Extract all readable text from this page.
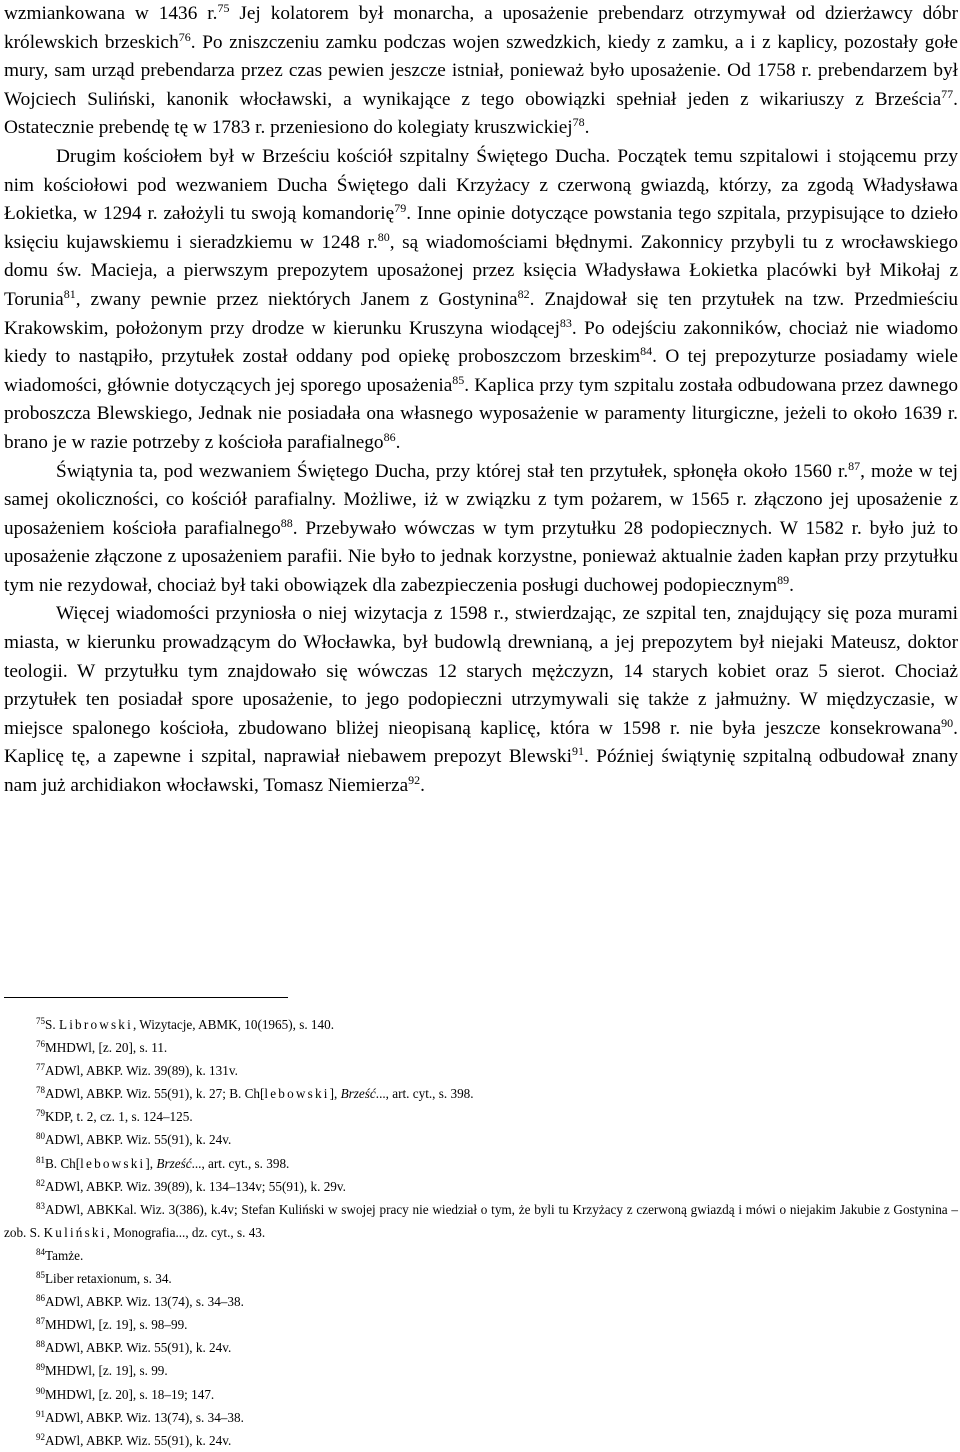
wzmiankowana w 1436 r.$^{75}$ Jej kolatorem był monarcha, a uposażenie prebendarz otrzymywał od dzierżawcy dóbr królewskich brzeskich$^{76}$. Po zniszczeniu zamku podczas wojen szwedzkich, kiedy z zamku, a i z kaplicy, pozostały gołe mury, sam urząd prebendarza przez czas pewien jeszcze istniał, ponieważ było uposażenie. Od 1758 r. prebendarzem był Wojciech Suliński, kanonik włocławski, a wynikające z tego obowiązki spełniał jeden z wikariuszy z Brześcia$^{77}$. Ostatecznie prebendę tę w 1783 r. przeniesiono do kolegiaty kruszwickiej$^{78}$.

Drugim kościołem był w Brześciu kościół szpitalny Świętego Ducha. Początek temu szpitalowi i stojącemu przy nim kościołowi pod wezwaniem Ducha Świętego dali Krzyżacy z czerwoną gwiazdą, którzy, za zgodą Władysława Łokietka, w 1294 r. założyli tu swoją komandorię$^{79}$. Inne opinie dotyczące powstania tego szpitala, przypisujące to dzieło księciu kujawskiemu i sieradzkiemu w 1248 r.$^{80}$, są wiadomościami błędnymi. Zakonnicy przybyli tu z wrocławskiego domu św. Macieja, a pierwszym prepozytem uposażonej przez księcia Władysława Łokietka placówki był Mikołaj z Torunia$^{81}$, zwany pewnie przez niektórych Janem z Gostynina$^{82}$. Znajdował się ten przytułek na tzw. Przedmieściu Krakowskim, położonym przy drodze w kierunku Kruszyna wiodącej$^{83}$. Po odejściu zakonników, chociaż nie wiadomo kiedy to nastąpiło, przytułek został oddany pod opiekę proboszczom brzeskim$^{84}$. O tej prepozyturze posiadamy wiele wiadomości, głównie dotyczących jej sporego uposażenia$^{85}$. Kaplica przy tym szpitalu została odbudowana przez dawnego proboszcza Blewskiego, Jednak nie posiadała ona własnego wyposażenie w paramenty liturgiczne, jeżeli to około 1639 r. brano je w razie potrzeby z kościoła parafialnego$^{86}$.

Świątynia ta, pod wezwaniem Świętego Ducha, przy której stał ten przytułek, spłonęła około 1560 r.$^{87}$, może w tej samej okoliczności, co kościół parafialny. Możliwe, iż w związku z tym pożarem, w 1565 r. złączono jej uposażenie z uposażeniem kościoła parafialnego$^{88}$. Przebywało wówczas w tym przytułku 28 podopiecznych. W 1582 r. było już to uposażenie złączone z uposażeniem parafii. Nie było to jednak korzystne, ponieważ aktualnie żaden kapłan przy przytułku tym nie rezydował, chociaż był taki obowiązek dla zabezpieczenia posługi duchowej podopiecznym$^{89}$.

Więcej wiadomości przyniosła o niej wizytacja z 1598 r., stwierdzając, ze szpital ten, znajdujący się poza murami miasta, w kierunku prowadzącym do Włocławka, był budowlą drewnianą, a jej prepozytem był niejaki Mateusz, doktor teologii. W przytułku tym znajdowało się wówczas 12 starych mężczyzn, 14 starych kobiet oraz 5 sierot. Chociaż przytułek ten posiadał spore uposażenie, to jego podopieczni utrzymywali się także z jałmużny. W międzyczasie, w miejsce spalonego kościoła, zbudowano bliżej nieopisaną kaplicę, która w 1598 r. nie była jeszcze konsekrowana$^{90}$. Kaplicę tę, a zapewne i szpital, naprawiał niebawem prepozyt Blewski$^{91}$. Później świątynię szpitalną odbudował znany nam już archidiakon włocławski, Tomasz Niemierza$^{92}$.

$^{75}$S. Librowski, Wizytacje, ABMK, 10(1965), s. 140.
$^{76}$MHDWl, [z. 20], s. 11.
$^{77}$ADWl, ABKP. Wiz. 39(89), k. 131v.
$^{78}$ADWl, ABKP. Wiz. 55(91), k. 27; B. Ch[lebowski], Brześć..., art. cyt., s. 398.
$^{79}$KDP, t. 2, cz. 1, s. 124–125.
$^{80}$ADWl, ABKP. Wiz. 55(91), k. 24v.
$^{81}$B. Ch[lebowski], Brześć..., art. cyt., s. 398.
$^{82}$ADWl, ABKP. Wiz. 39(89), k. 134–134v; 55(91), k. 29v.
$^{83}$ADWl, ABKKal. Wiz. 3(386), k.4v; Stefan Kuliński w swojej pracy nie wiedział o tym, że byli tu Krzyżacy z czerwoną gwiazdą i mówi o niejakim Jakubie z Gostynina – zob. S. Kuliński, Monografia..., dz. cyt., s. 43.
$^{84}$Tamże.
$^{85}$Liber retaxionum, s. 34.
$^{86}$ADWl, ABKP. Wiz. 13(74), s. 34–38.
$^{87}$MHDWl, [z. 19], s. 98–99.
$^{88}$ADWl, ABKP. Wiz. 55(91), k. 24v.
$^{89}$MHDWl, [z. 19], s. 99.
$^{90}$MHDWl, [z. 20], s. 18–19; 147.
$^{91}$ADWl, ABKP. Wiz. 13(74), s. 34–38.
$^{92}$ADWl, ABKP. Wiz. 55(91), k. 24v.
